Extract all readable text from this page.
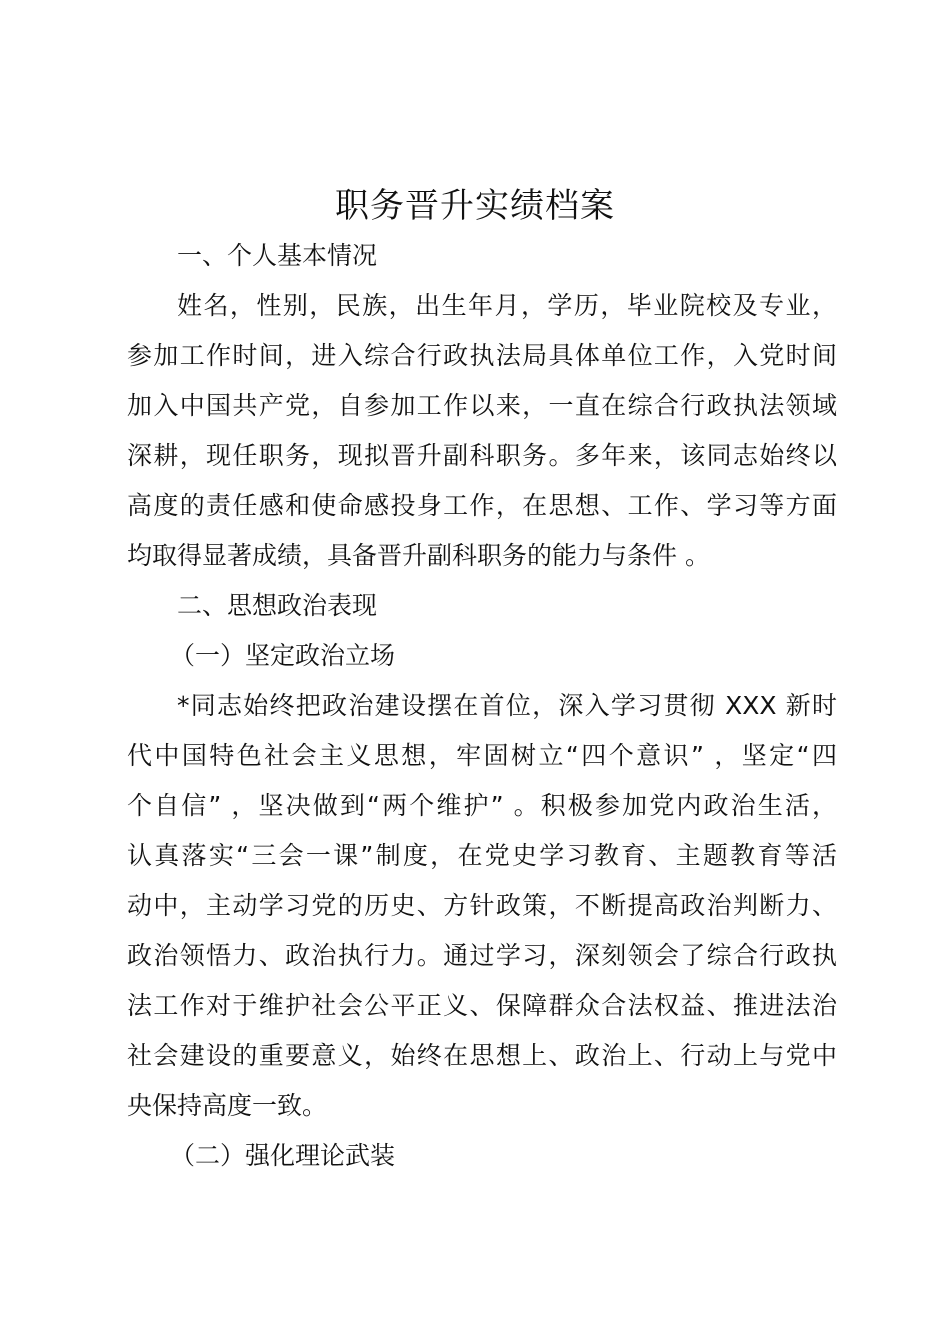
职务晋升实绩档案
一、个人基本情况
姓名，性别，民族，出生年月，学历，毕业院校及专业，
参加工作时间，进入综合行政执法局具体单位工作，入党时间
加入中国共产党，自参加工作以来，一直在综合行政执法领域
深耕，现任职务，现拟晋升副科职务。多年来，该同志始终以
高度的责任感和使命感投身工作，在思想、工作、学习等方面
均取得显著成绩，具备晋升副科职务的能力与条件 。
二、思想政治表现
（一）坚定政治立场
*同志始终把政治建设摆在首位，深入学习贯彻 XXX 新时
代中国特色社会主义思想，牢固树立“四个意识” ，坚定“四
个自信” ，坚决做到“两个维护” 。积极参加党内政治生活，
认真落实“三会一课”制度，在党史学习教育、主题教育等活
动中，主动学习党的历史、方针政策，不断提高政治判断力、
政治领悟力、政治执行力。通过学习，深刻领会了综合行政执
法工作对于维护社会公平正义、保障群众合法权益、推进法治
社会建设的重要意义，始终在思想上、政治上、行动上与党中
央保持高度一致。
（二）强化理论武装
